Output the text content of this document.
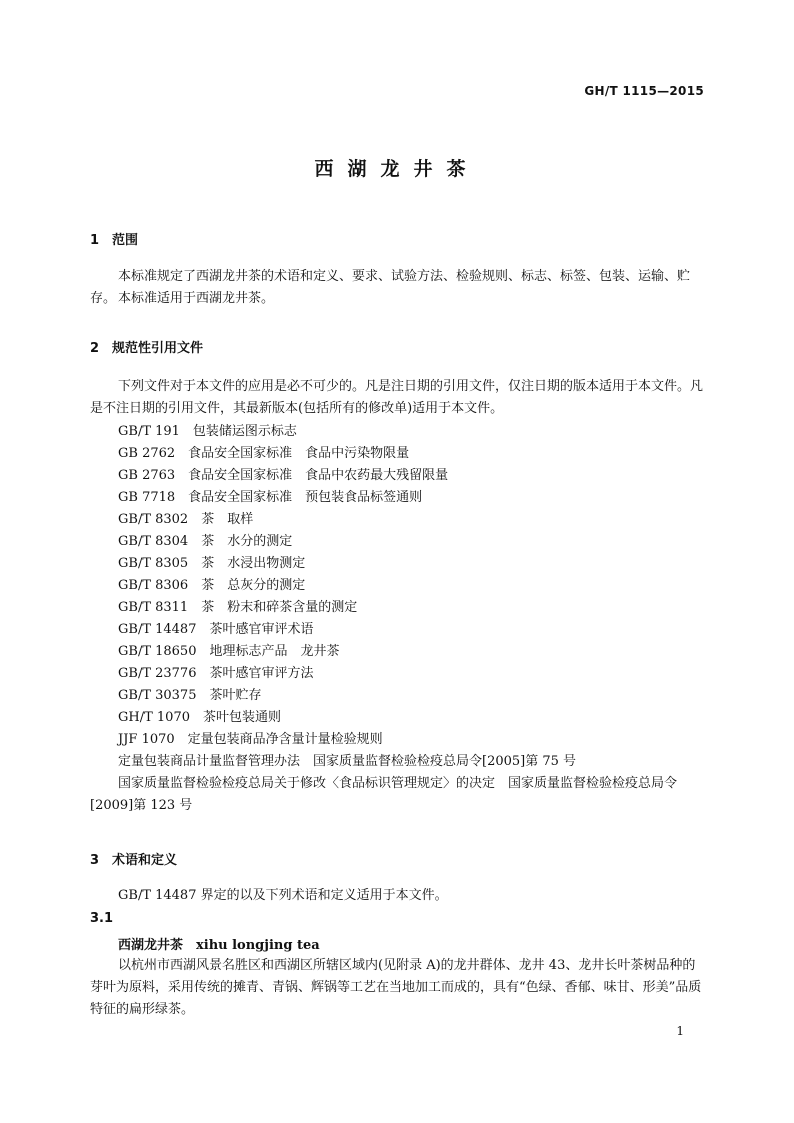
GH/T 1115—2015
西湖龙井茶
1 范围
本标准规定了西湖龙井茶的术语和定义、要求、试验方法、检验规则、标志、标签、包装、运输、贮存。 本标准适用于西湖龙井茶。
2 规范性引用文件
下列文件对于本文件的应用是必不可少的。凡是注日期的引用文件，仅注日期的版本适用于本文件。凡是不注日期的引用文件，其最新版本(包括所有的修改单)适用于本文件。
GB/T 191　包装储运图示标志
GB 2762　食品安全国家标准　食品中污染物限量
GB 2763　食品安全国家标准　食品中农药最大残留限量
GB 7718　食品安全国家标准　预包装食品标签通则
GB/T 8302　茶　取样
GB/T 8304　茶　水分的测定
GB/T 8305　茶　水浸出物测定
GB/T 8306　茶　总灰分的测定
GB/T 8311　茶　粉末和碎茶含量的测定
GB/T 14487　茶叶感官审评术语
GB/T 18650　地理标志产品　龙井茶
GB/T 23776　茶叶感官审评方法
GB/T 30375　茶叶贮存
GH/T 1070　茶叶包装通则
JJF 1070　定量包装商品净含量计量检验规则
定量包装商品计量监督管理办法　国家质量监督检验检疫总局令[2005]第 75 号
国家质量监督检验检疫总局关于修改〈食品标识管理规定〉的决定　国家质量监督检验检疫总局令[2009]第 123 号
3 术语和定义
GB/T 14487 界定的以及下列术语和定义适用于本文件。
3.1
西湖龙井茶　xihu longjing tea
以杭州市西湖风景名胜区和西湖区所辖区域内(见附录 A)的龙井群体、龙井 43、龙井长叶茶树品种的芽叶为原料，采用传统的摊青、青锅、辉锅等工艺在当地加工而成的，具有“色绿、香郁、味甘、形美”品质特征的扁形绿茶。
1
